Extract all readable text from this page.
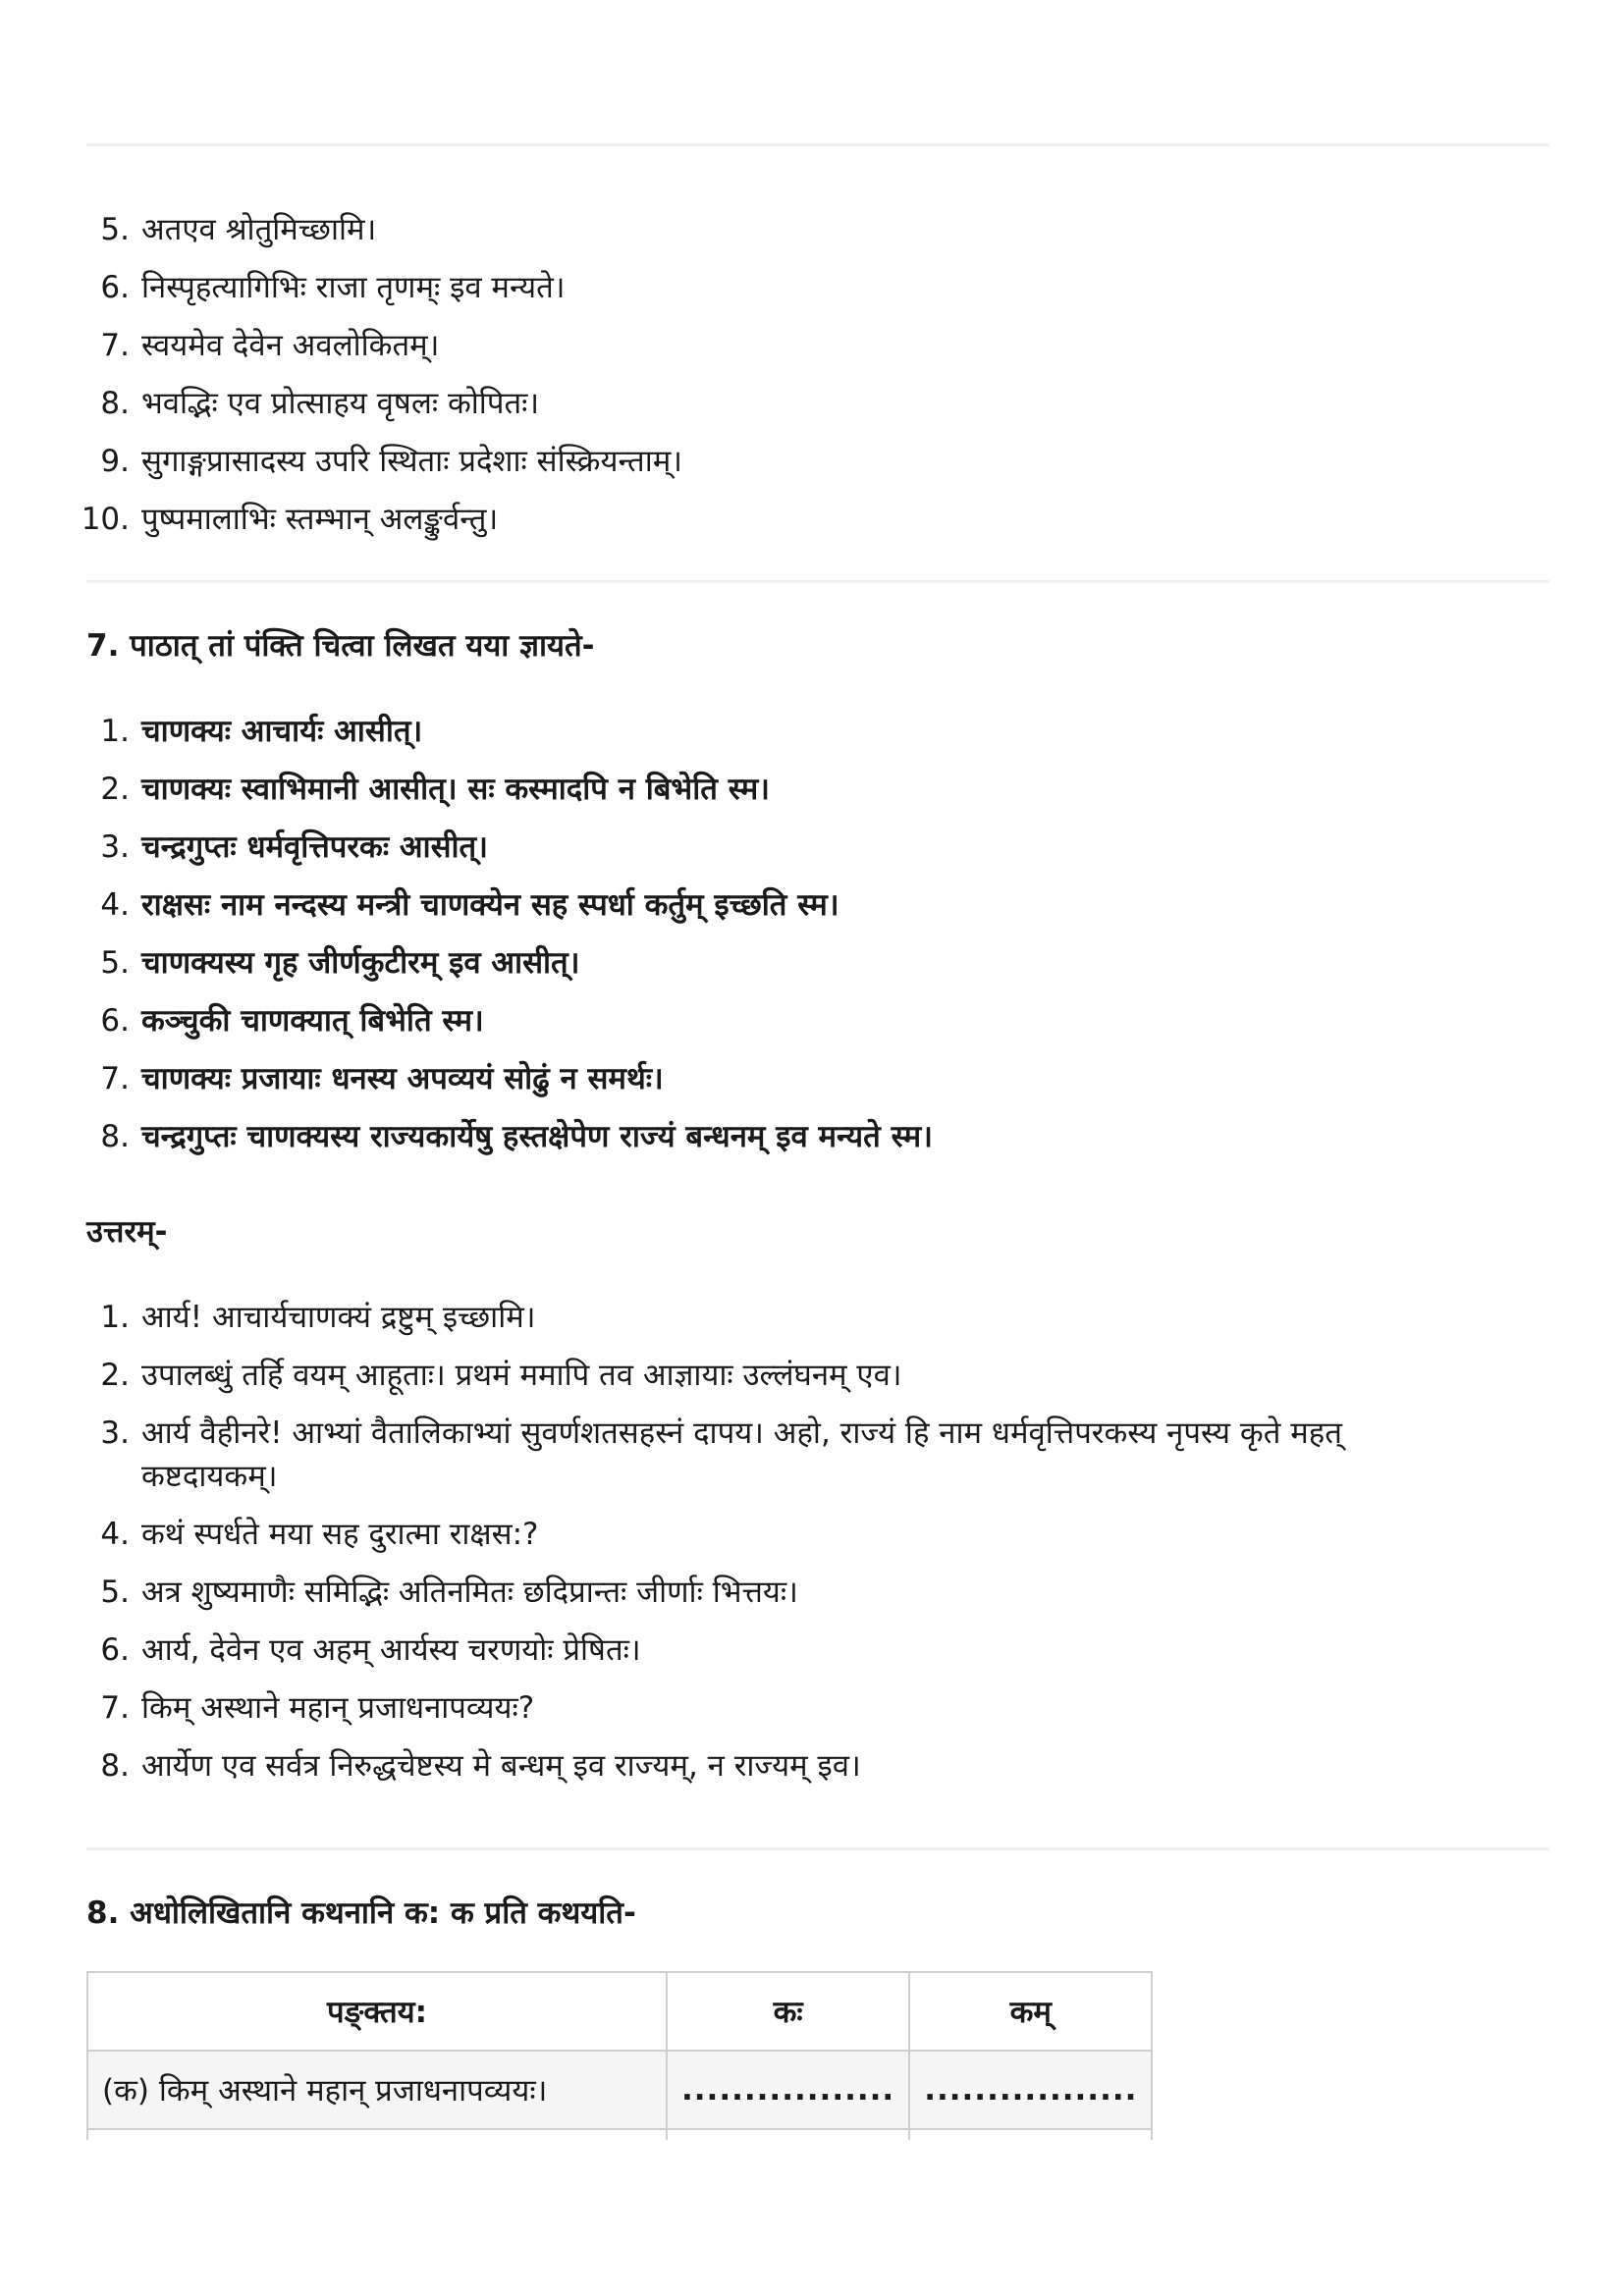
5 . अतएव श्रोतुमिच्छामि।
6 . निस्पृहत्यागिभिः राजा तृणम्ः इव मन्यते।
7 . स्वयमेव देवेन अवलोकितम्।
8 . भवद्भिः एव प्रोत्साहय वृषलः कोपितः।
9 . सुगाङ्गप्रासादस्य उपरि स्थिताः प्रदेशाः संस्क्रियन्ताम्।
10 . पुष्पमालाभिः स्तम्भान् अलङ्कुर्वन्तु।
7. पाठात् तां पंक्ति चित्वा लिखत यया ज्ञायते-
1 . चाणक्यः आचार्यः आसीत्।
2 . चाणक्यः स्वाभिमानी आसीत्। सः कस्मादपि न बिभेति स्म।
3 . चन्द्रगुप्तः धर्मवृत्तिपरकः आसीत्।
4 . राक्षसः नाम नन्दस्य मन्त्री चाणक्येन सह स्पर्धा कर्तुम् इच्छति स्म।
5 . चाणक्यस्य गृह जीर्णकुटीरम् इव आसीत्।
6 . कञ्चुकी चाणक्यात् बिभेति स्म।
7 . चाणक्यः प्रजायाः धनस्य अपव्ययं सोढुं न समर्थः।
8 . चन्द्रगुप्तः चाणक्यस्य राज्यकार्येषु हस्तक्षेपेण राज्यं बन्धनम् इव मन्यते स्म।
उत्तरम्-
1 . आर्य! आचार्यचाणक्यं द्रष्टुम् इच्छामि।
2 . उपालब्धुं तर्हि वयम् आहूताः। प्रथमं ममापि तव आज्ञायाः उल्लंघनम् एव।
3 . आर्य वैहीनरे! आभ्यां वैतालिकाभ्यां सुवर्णशतसहस्नं दापय। अहो, राज्यं हि नाम धर्मवृत्तिपरकस्य नृपस्य कृते महत्
कष्टदायकम्।
4 . कथं स्पर्धते मया सह दुरात्मा राक्षस:?
5 . अत्र शुष्यमाणैः समिद्भिः अतिनमितः छदिप्रान्तः जीर्णाः भित्तयः।
6 . आर्य, देवेन एव अहम् आर्यस्य चरणयोः प्रेषितः।
7 . किम् अस्थाने महान् प्रजाधनापव्ययः?
8 . आर्येण एव सर्वत्र निरुद्धचेष्टस्य मे बन्धम् इव राज्यम्, न राज्यम् इव।
8. अधोलिखितानि कथनानि क: क प्रति कथयति-
पङ्क्तय:	कः	कम्
(क) किम् अस्थाने महान् प्रजाधनापव्ययः।	.................	.................
